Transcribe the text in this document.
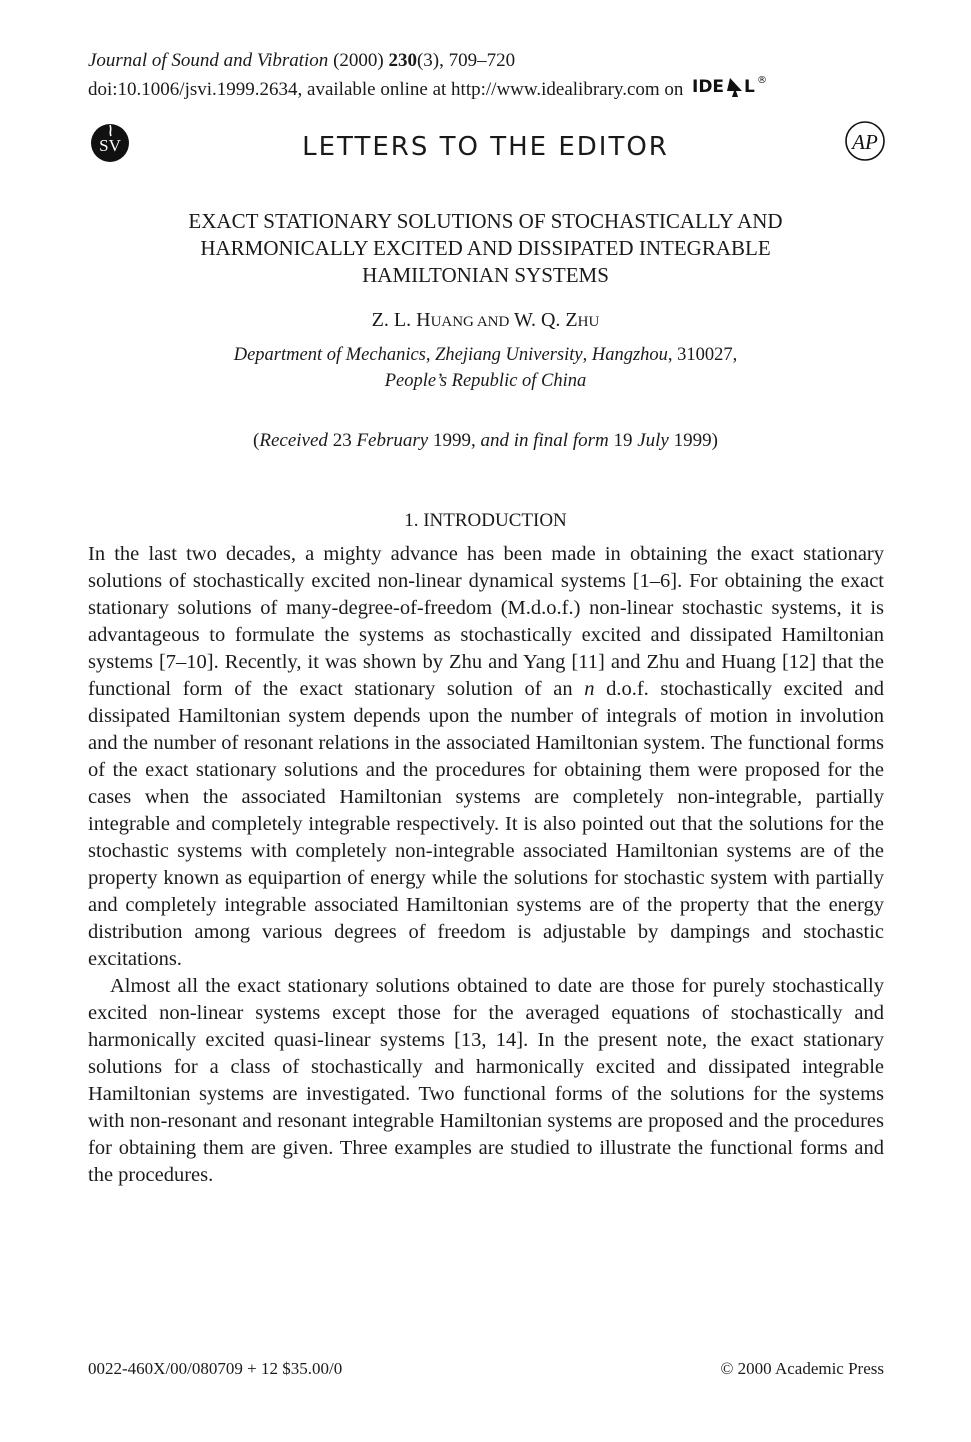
Journal of Sound and Vibration (2000) 230(3), 709–720
doi:10.1006/jsvi.1999.2634, available online at http://www.idealibrary.com on IDE L ®
SV	LETTERS TO THE EDITOR	AP
EXACT STATIONARY SOLUTIONS OF STOCHASTICALLY AND
HARMONICALLY EXCITED AND DISSIPATED INTEGRABLE
HAMILTONIAN SYSTEMS
Z. L. HUANG AND W. Q. ZHU
Department of Mechanics, Zhejiang University, Hangzhou, 310027,
People’s Republic of China
(Received 23 February 1999, and in final form 19 July 1999)
1. INTRODUCTION

In the last two decades, a mighty advance has been made in obtaining the exact stationary solutions of stochastically excited non-linear dynamical systems [1–6]. For obtaining the exact stationary solutions of many-degree-of-freedom (M.d.o.f.) non-linear stochastic systems, it is advantageous to formulate the systems as stochastically excited and dissipated Hamiltonian systems [7–10]. Recently, it was shown by Zhu and Yang [11] and Zhu and Huang [12] that the functional form of the exact stationary solution of an n d.o.f. stochastically excited and dissipated Hamiltonian system depends upon the number of integrals of motion in involution and the number of resonant relations in the associated Hamiltonian system. The functional forms of the exact stationary solutions and the procedures for obtaining them were proposed for the cases when the associated Hamiltonian systems are completely non-integrable, partially integrable and completely integrable respectively. It is also pointed out that the solutions for the stochastic systems with completely non-integrable associated Hamiltonian systems are of the property known as equipartion of energy while the solutions for stochastic system with partially and completely integrable associated Hamiltonian systems are of the property that the energy distribution among various degrees of freedom is adjustable by dampings and stochastic excitations.

Almost all the exact stationary solutions obtained to date are those for purely stochastically excited non-linear systems except those for the averaged equations of stochastically and harmonically excited quasi-linear systems [13, 14]. In the present note, the exact stationary solutions for a class of stochastically and harmonically excited and dissipated integrable Hamiltonian systems are investigated. Two functional forms of the solutions for the systems with non-resonant and resonant integrable Hamiltonian systems are proposed and the procedures for obtaining them are given. Three examples are studied to illustrate the functional forms and the procedures.

0022-460X/00/080709 + 12 $35.00/0	© 2000 Academic Press
